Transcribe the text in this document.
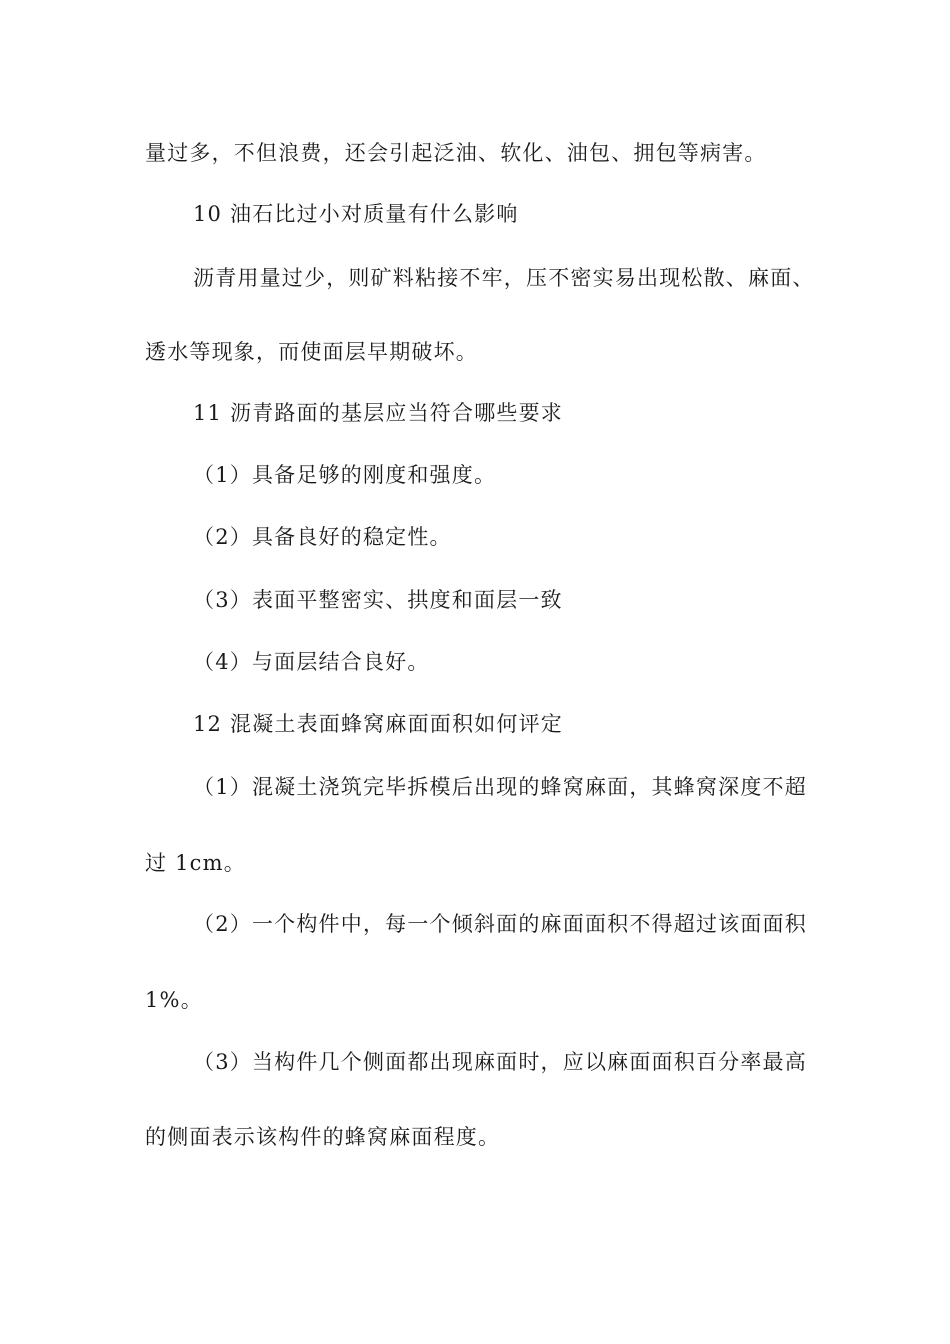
量过多，不但浪费，还会引起泛油、软化、油包、拥包等病害。
10 油石比过小对质量有什么影响
沥青用量过少，则矿料粘接不牢，压不密实易出现松散、麻面、
透水等现象，而使面层早期破坏。
11 沥青路面的基层应当符合哪些要求
（1）具备足够的刚度和强度。
（2）具备良好的稳定性。
（3）表面平整密实、拱度和面层一致
（4）与面层结合良好。
12 混凝土表面蜂窝麻面面积如何评定
（1）混凝土浇筑完毕拆模后出现的蜂窝麻面，其蜂窝深度不超
过 1cm。
（2）一个构件中，每一个倾斜面的麻面面积不得超过该面面积
1%。
（3）当构件几个侧面都出现麻面时，应以麻面面积百分率最高
的侧面表示该构件的蜂窝麻面程度。
